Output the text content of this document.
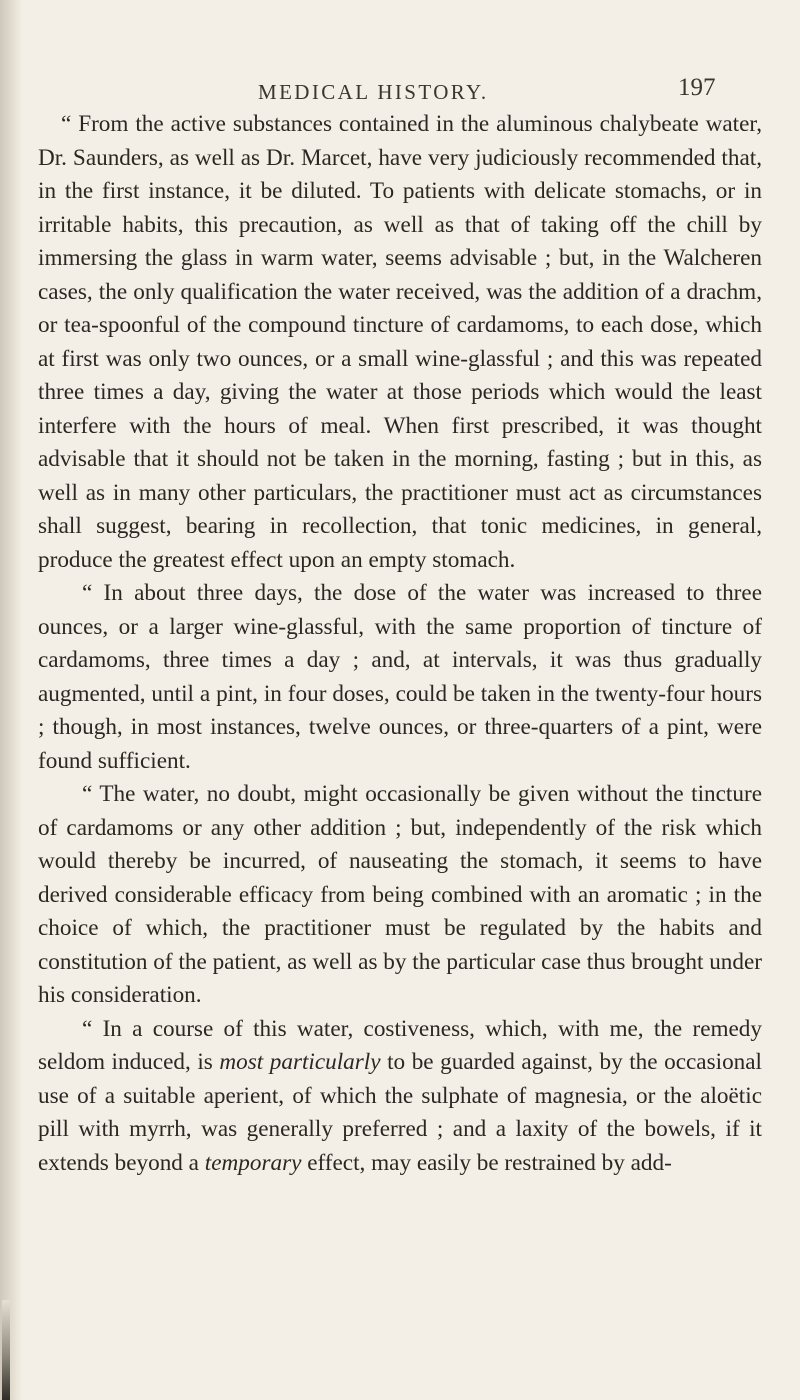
MEDICAL HISTORY.	197

“ From the active substances contained in the aluminous chalybeate water, Dr. Saunders, as well as Dr. Marcet, have very judiciously recommended that, in the first instance, it be diluted. To patients with delicate stomachs, or in irritable habits, this precaution, as well as that of taking off the chill by immersing the glass in warm water, seems advisable ; but, in the Walcheren cases, the only qualification the water received, was the addition of a drachm, or tea-spoonful of the compound tincture of cardamoms, to each dose, which at first was only two ounces, or a small wine-glassful ; and this was repeated three times a day, giving the water at those periods which would the least interfere with the hours of meal. When first prescribed, it was thought advisable that it should not be taken in the morning, fasting ; but in this, as well as in many other particulars, the practitioner must act as circumstances shall suggest, bearing in recollection, that tonic medicines, in general, produce the greatest effect upon an empty stomach.

“ In about three days, the dose of the water was increased to three ounces, or a larger wine-glassful, with the same proportion of tincture of cardamoms, three times a day ; and, at intervals, it was thus gradually augmented, until a pint, in four doses, could be taken in the twenty-four hours ; though, in most instances, twelve ounces, or three-quarters of a pint, were found sufficient.

“ The water, no doubt, might occasionally be given without the tincture of cardamoms or any other addition ; but, independently of the risk which would thereby be incurred, of nauseating the stomach, it seems to have derived considerable efficacy from being combined with an aromatic ; in the choice of which, the practitioner must be regulated by the habits and constitution of the patient, as well as by the particular case thus brought under his consideration.

“ In a course of this water, costiveness, which, with me, the remedy seldom induced, is most particularly to be guarded against, by the occasional use of a suitable aperient, of which the sulphate of magnesia, or the aloëtic pill with myrrh, was generally preferred ; and a laxity of the bowels, if it extends beyond a temporary effect, may easily be restrained by add-
